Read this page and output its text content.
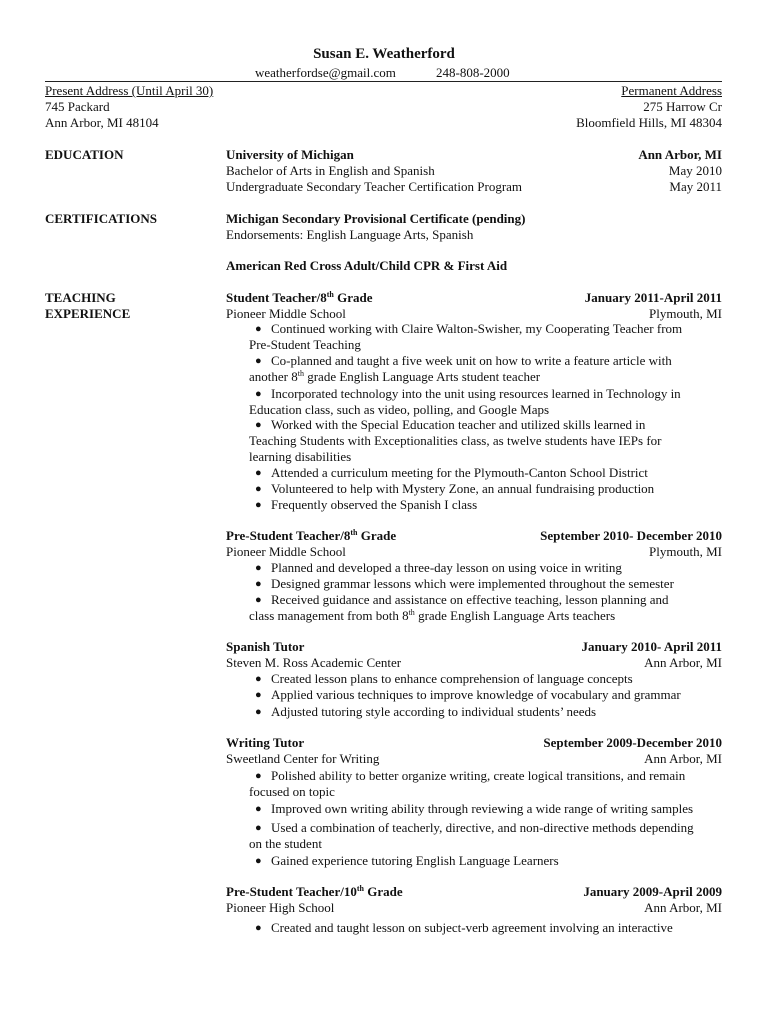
Susan E. Weatherford
weatherfordse@gmail.com	248-808-2000
Present Address (Until April 30)
745 Packard
Ann Arbor, MI 48104
Permanent Address
275 Harrow Cr
Bloomfield Hills, MI 48304
EDUCATION	University of Michigan	Ann Arbor, MI
Bachelor of Arts in English and Spanish	May 2010
Undergraduate Secondary Teacher Certification Program	May 2011
CERTIFICATIONS	Michigan Secondary Provisional Certificate (pending)
Endorsements: English Language Arts, Spanish
American Red Cross Adult/Child CPR & First Aid
TEACHING
EXPERIENCE
Student Teacher/8th Grade	January 2011-April 2011
Pioneer Middle School	Plymouth, MI
● Continued working with Claire Walton-Swisher, my Cooperating Teacher from
Pre-Student Teaching
● Co-planned and taught a five week unit on how to write a feature article with
another 8th grade English Language Arts student teacher
● Incorporated technology into the unit using resources learned in Technology in
Education class, such as video, polling, and Google Maps
● Worked with the Special Education teacher and utilized skills learned in
Teaching Students with Exceptionalities class, as twelve students have IEPs for
learning disabilities
● Attended a curriculum meeting for the Plymouth-Canton School District
● Volunteered to help with Mystery Zone, an annual fundraising production
● Frequently observed the Spanish I class
Pre-Student Teacher/8th Grade	September 2010- December 2010
Pioneer Middle School	Plymouth, MI
● Planned and developed a three-day lesson on using voice in writing
● Designed grammar lessons which were implemented throughout the semester
● Received guidance and assistance on effective teaching, lesson planning and
class management from both 8th grade English Language Arts teachers
Spanish Tutor	January 2010- April 2011
Steven M. Ross Academic Center	Ann Arbor, MI
● Created lesson plans to enhance comprehension of language concepts
● Applied various techniques to improve knowledge of vocabulary and grammar
● Adjusted tutoring style according to individual students’ needs
Writing Tutor	September 2009-December 2010
Sweetland Center for Writing	Ann Arbor, MI
● Polished ability to better organize writing, create logical transitions, and remain
focused on topic
● Improved own writing ability through reviewing a wide range of writing samples
● Used a combination of teacherly, directive, and non-directive methods depending
on the student
● Gained experience tutoring English Language Learners
Pre-Student Teacher/10th Grade	January 2009-April 2009
Pioneer High School	Ann Arbor, MI
● Created and taught lesson on subject-verb agreement involving an interactive
